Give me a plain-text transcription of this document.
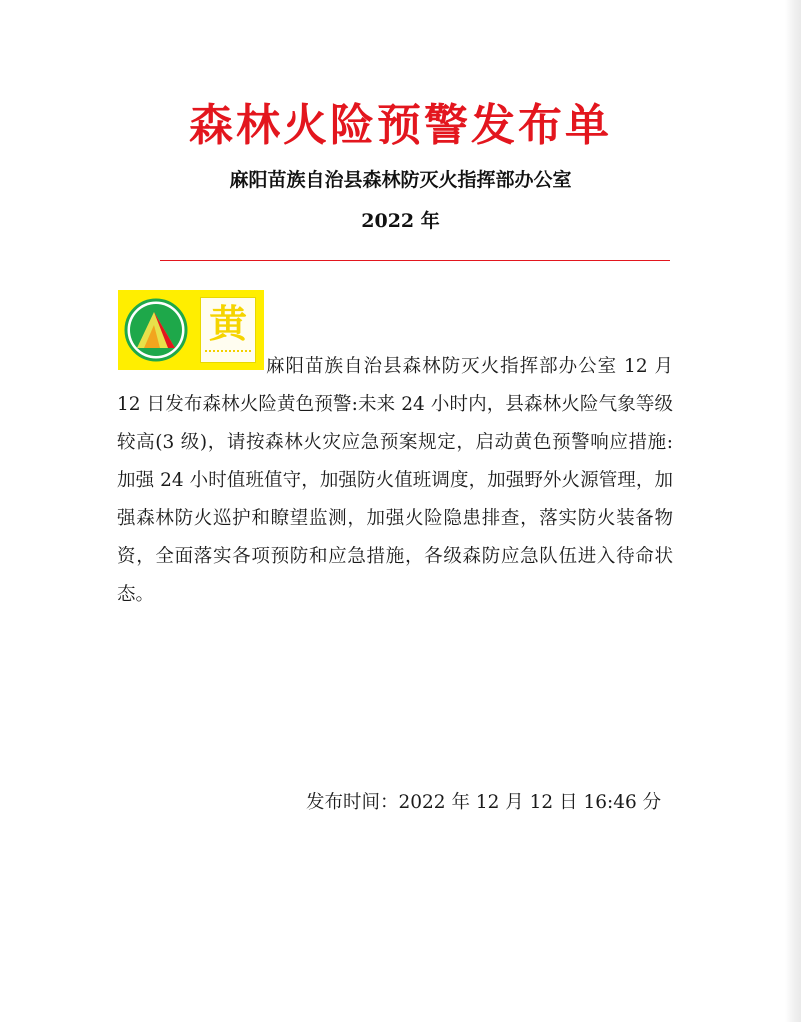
森林火险预警发布单
麻阳苗族自治县森林防灭火指挥部办公室
2022 年
黄

麻阳苗族自治县森林防灭火指挥部办公室 12 月 12 日发布森林火险黄色预警:未来 24 小时内，县森林火险气象等级较高(3 级)，请按森林火灾应急预案规定，启动黄色预警响应措施:加强 24 小时值班值守，加强防火值班调度，加强野外火源管理，加强森林防火巡护和瞭望监测，加强火险隐患排查，落实防火装备物资，全面落实各项预防和应急措施，各级森防应急队伍进入待命状态。

发布时间：2022 年 12 月 12 日 16:46 分
